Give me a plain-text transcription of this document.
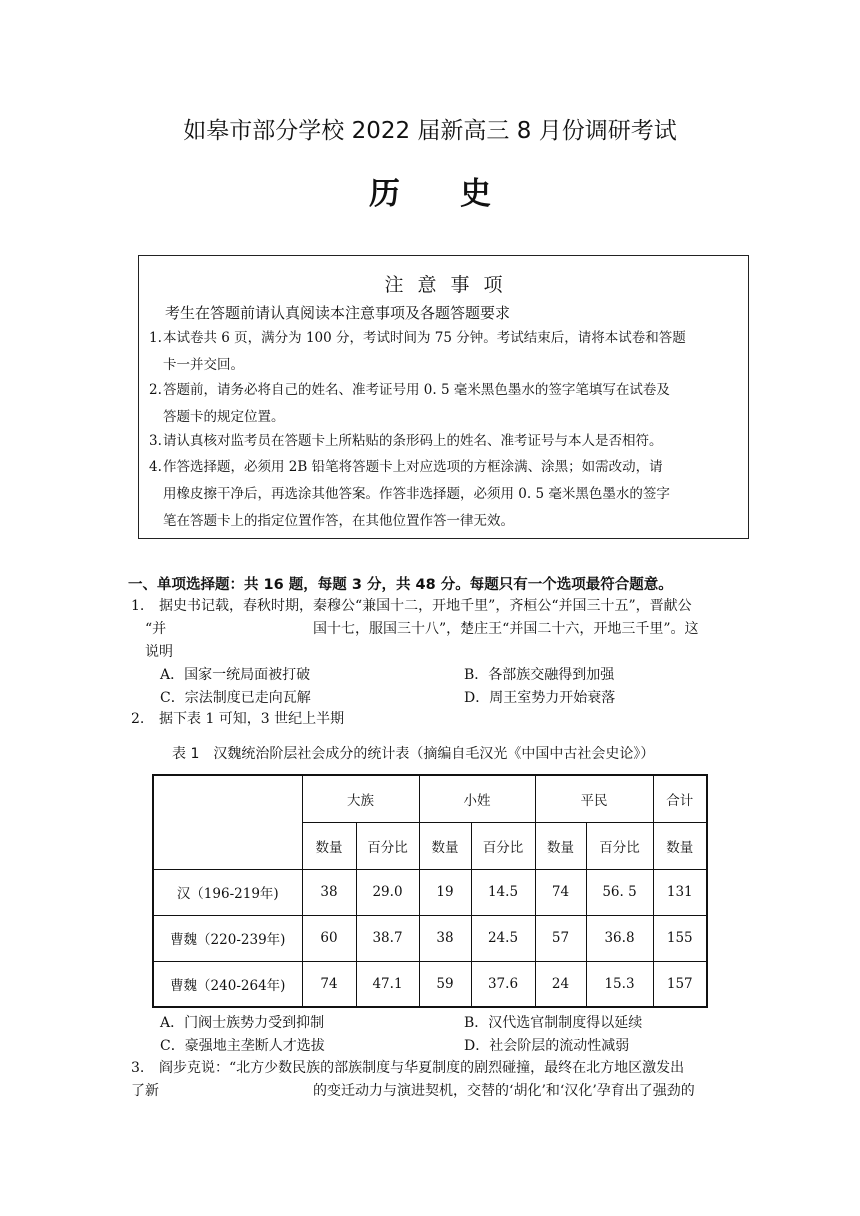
如皋市部分学校 2022 届新高三 8 月份调研考试
历史
注意事项
考生在答题前请认真阅读本注意事项及各题答题要求
1. 本试卷共 6 页，满分为 100 分，考试时间为 75 分钟。考试结束后，请将本试卷和答题
卡一并交回。
2. 答题前，请务必将自己的姓名、准考证号用 0. 5 毫米黑色墨水的签字笔填写在试卷及
答题卡的规定位置。
3. 请认真核对监考员在答题卡上所粘贴的条形码上的姓名、准考证号与本人是否相符。
4. 作答选择题，必须用 2B 铅笔将答题卡上对应选项的方框涂满、涂黑；如需改动，请
用橡皮擦干净后，再选涂其他答案。作答非选择题，必须用 0. 5 毫米黑色墨水的签字
笔在答题卡上的指定位置作答，在其他位置作答一律无效。
一、单项选择题：共 16 题，每题 3 分，共 48 分。每题只有一个选项最符合题意。
1. 据史书记载，春秋时期，秦穆公“兼国十二，开地千里”，齐桓公“并国三十五”，晋献公
“并	国十七，服国三十八”，楚庄王“并国二十六，开地三千里”。这
说明
A．国家一统局面被打破	B．各部族交融得到加强
C．宗法制度已走向瓦解	D．周王室势力开始衰落
2. 据下表 1 可知，3 世纪上半期
表 1　汉魏统治阶层社会成分的统计表（摘编自毛汉光《中国中古社会史论》）
	大族		小姓		平民		合计
	数量	百分比	数量	百分比	数量	百分比	数量
汉（196-219年)	38	29.0	19	14.5	74	56. 5	131
曹魏（220-239年)	60	38.7	38	24.5	57	36.8	155
曹魏（240-264年)	74	47.1	59	37.6	24	15.3	157
A．门阀士族势力受到抑制	B．汉代选官制制度得以延续
C．豪强地主垄断人才选拔	D．社会阶层的流动性减弱
3. 阎步克说：“北方少数民族的部族制度与华夏制度的剧烈碰撞，最终在北方地区激发出
了新	的变迁动力与演进契机，交替的‘胡化’和‘汉化’孕育出了强劲的
